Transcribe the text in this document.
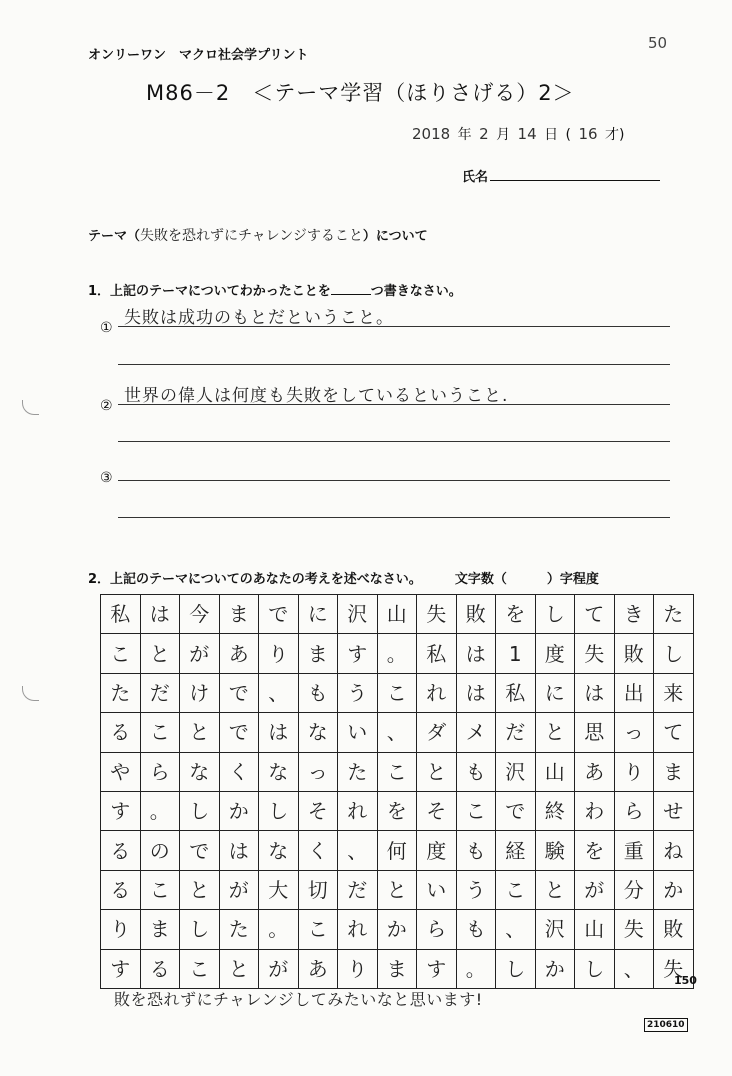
オンリーワン　マクロ社会学プリント
50
M86－2　＜テーマ学習（ほりさげる）2＞
2018 年 2 月 14 日 ( 16 才)
氏名
テーマ（失敗を恐れずにチャレンジすること）について
1．上記のテーマについてわかったことを	つ書きなさい。
① 失敗は成功のもとだということ。
② 世界の偉人は何度も失敗をしているということ.
③
2．上記のテーマについてのあなたの考えを述べなさい。	文字数（	）字程度
私	は	今	ま	で	に	沢	山	失	敗	を	し	て	き	た
こ	と	が	あ	り	ま	す	。	私	は	1	度	失	敗	し
た	だ	け	で	、	も	う	こ	れ	は	私	に	は	出	来
る	こ	と	で	は	な	い	、	ダ	メ	だ	と	思	っ	て
や	ら	な	く	な	っ	た	こ	と	も	沢	山	あ	り	ま
す	。	し	か	し	そ	れ	を	そ	こ	で	終	わ	ら	せ
る	の	で	は	な	く	、	何	度	も	経	験	を	重	ね
る	こ	と	が	大	切	だ	と	い	う	こ	と	が	分	か
り	ま	し	た	。	こ	れ	か	ら	も	、	沢	山	失	敗
す	る	こ	と	が	あ	り	ま	す	。	し	か	し	、	失
150
敗を恐れずにチャレンジしてみたいなと思います!
210610
